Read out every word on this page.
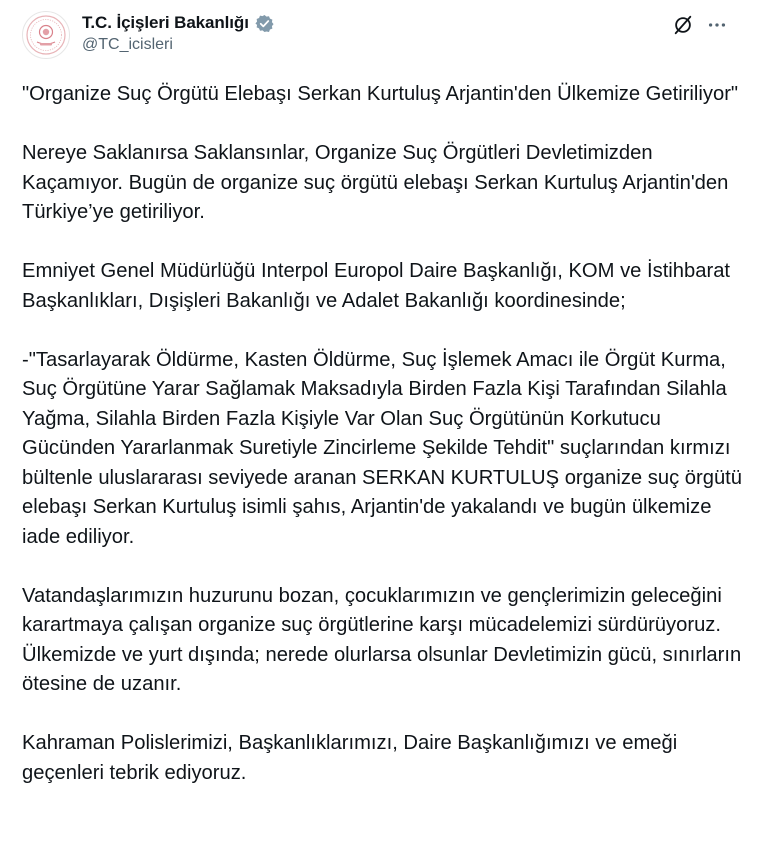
T.C. İçişleri Bakanlığı
@TC_icisleri

"Organize Suç Örgütü Elebaşı Serkan Kurtuluş Arjantin'den Ülkemize Getiriliyor"

Nereye Saklanırsa Saklansınlar, Organize Suç Örgütleri Devletimizden Kaçamıyor. Bugün de organize suç örgütü elebaşı Serkan Kurtuluş Arjantin'den Türkiye’ye getiriliyor.

Emniyet Genel Müdürlüğü Interpol Europol Daire Başkanlığı, KOM ve İstihbarat Başkanlıkları, Dışişleri Bakanlığı ve Adalet Bakanlığı koordinesinde;

-"Tasarlayarak Öldürme, Kasten Öldürme, Suç İşlemek Amacı ile Örgüt Kurma, Suç Örgütüne Yarar Sağlamak Maksadıyla Birden Fazla Kişi Tarafından Silahla Yağma, Silahla Birden Fazla Kişiyle Var Olan Suç Örgütünün Korkutucu Gücünden Yararlanmak Suretiyle Zincirleme Şekilde Tehdit" suçlarından kırmızı bültenle uluslararası seviyede aranan SERKAN KURTULUŞ organize suç örgütü elebaşı Serkan Kurtuluş isimli şahıs, Arjantin'de yakalandı ve bugün ülkemize iade ediliyor.

Vatandaşlarımızın huzurunu bozan, çocuklarımızın ve gençlerimizin geleceğini karartmaya çalışan organize suç örgütlerine karşı mücadelemizi sürdürüyoruz. Ülkemizde ve yurt dışında; nerede olurlarsa olsunlar Devletimizin gücü, sınırların ötesine de uzanır.

Kahraman Polislerimizi, Başkanlıklarımızı, Daire Başkanlığımızı ve emeği geçenleri tebrik ediyoruz.
